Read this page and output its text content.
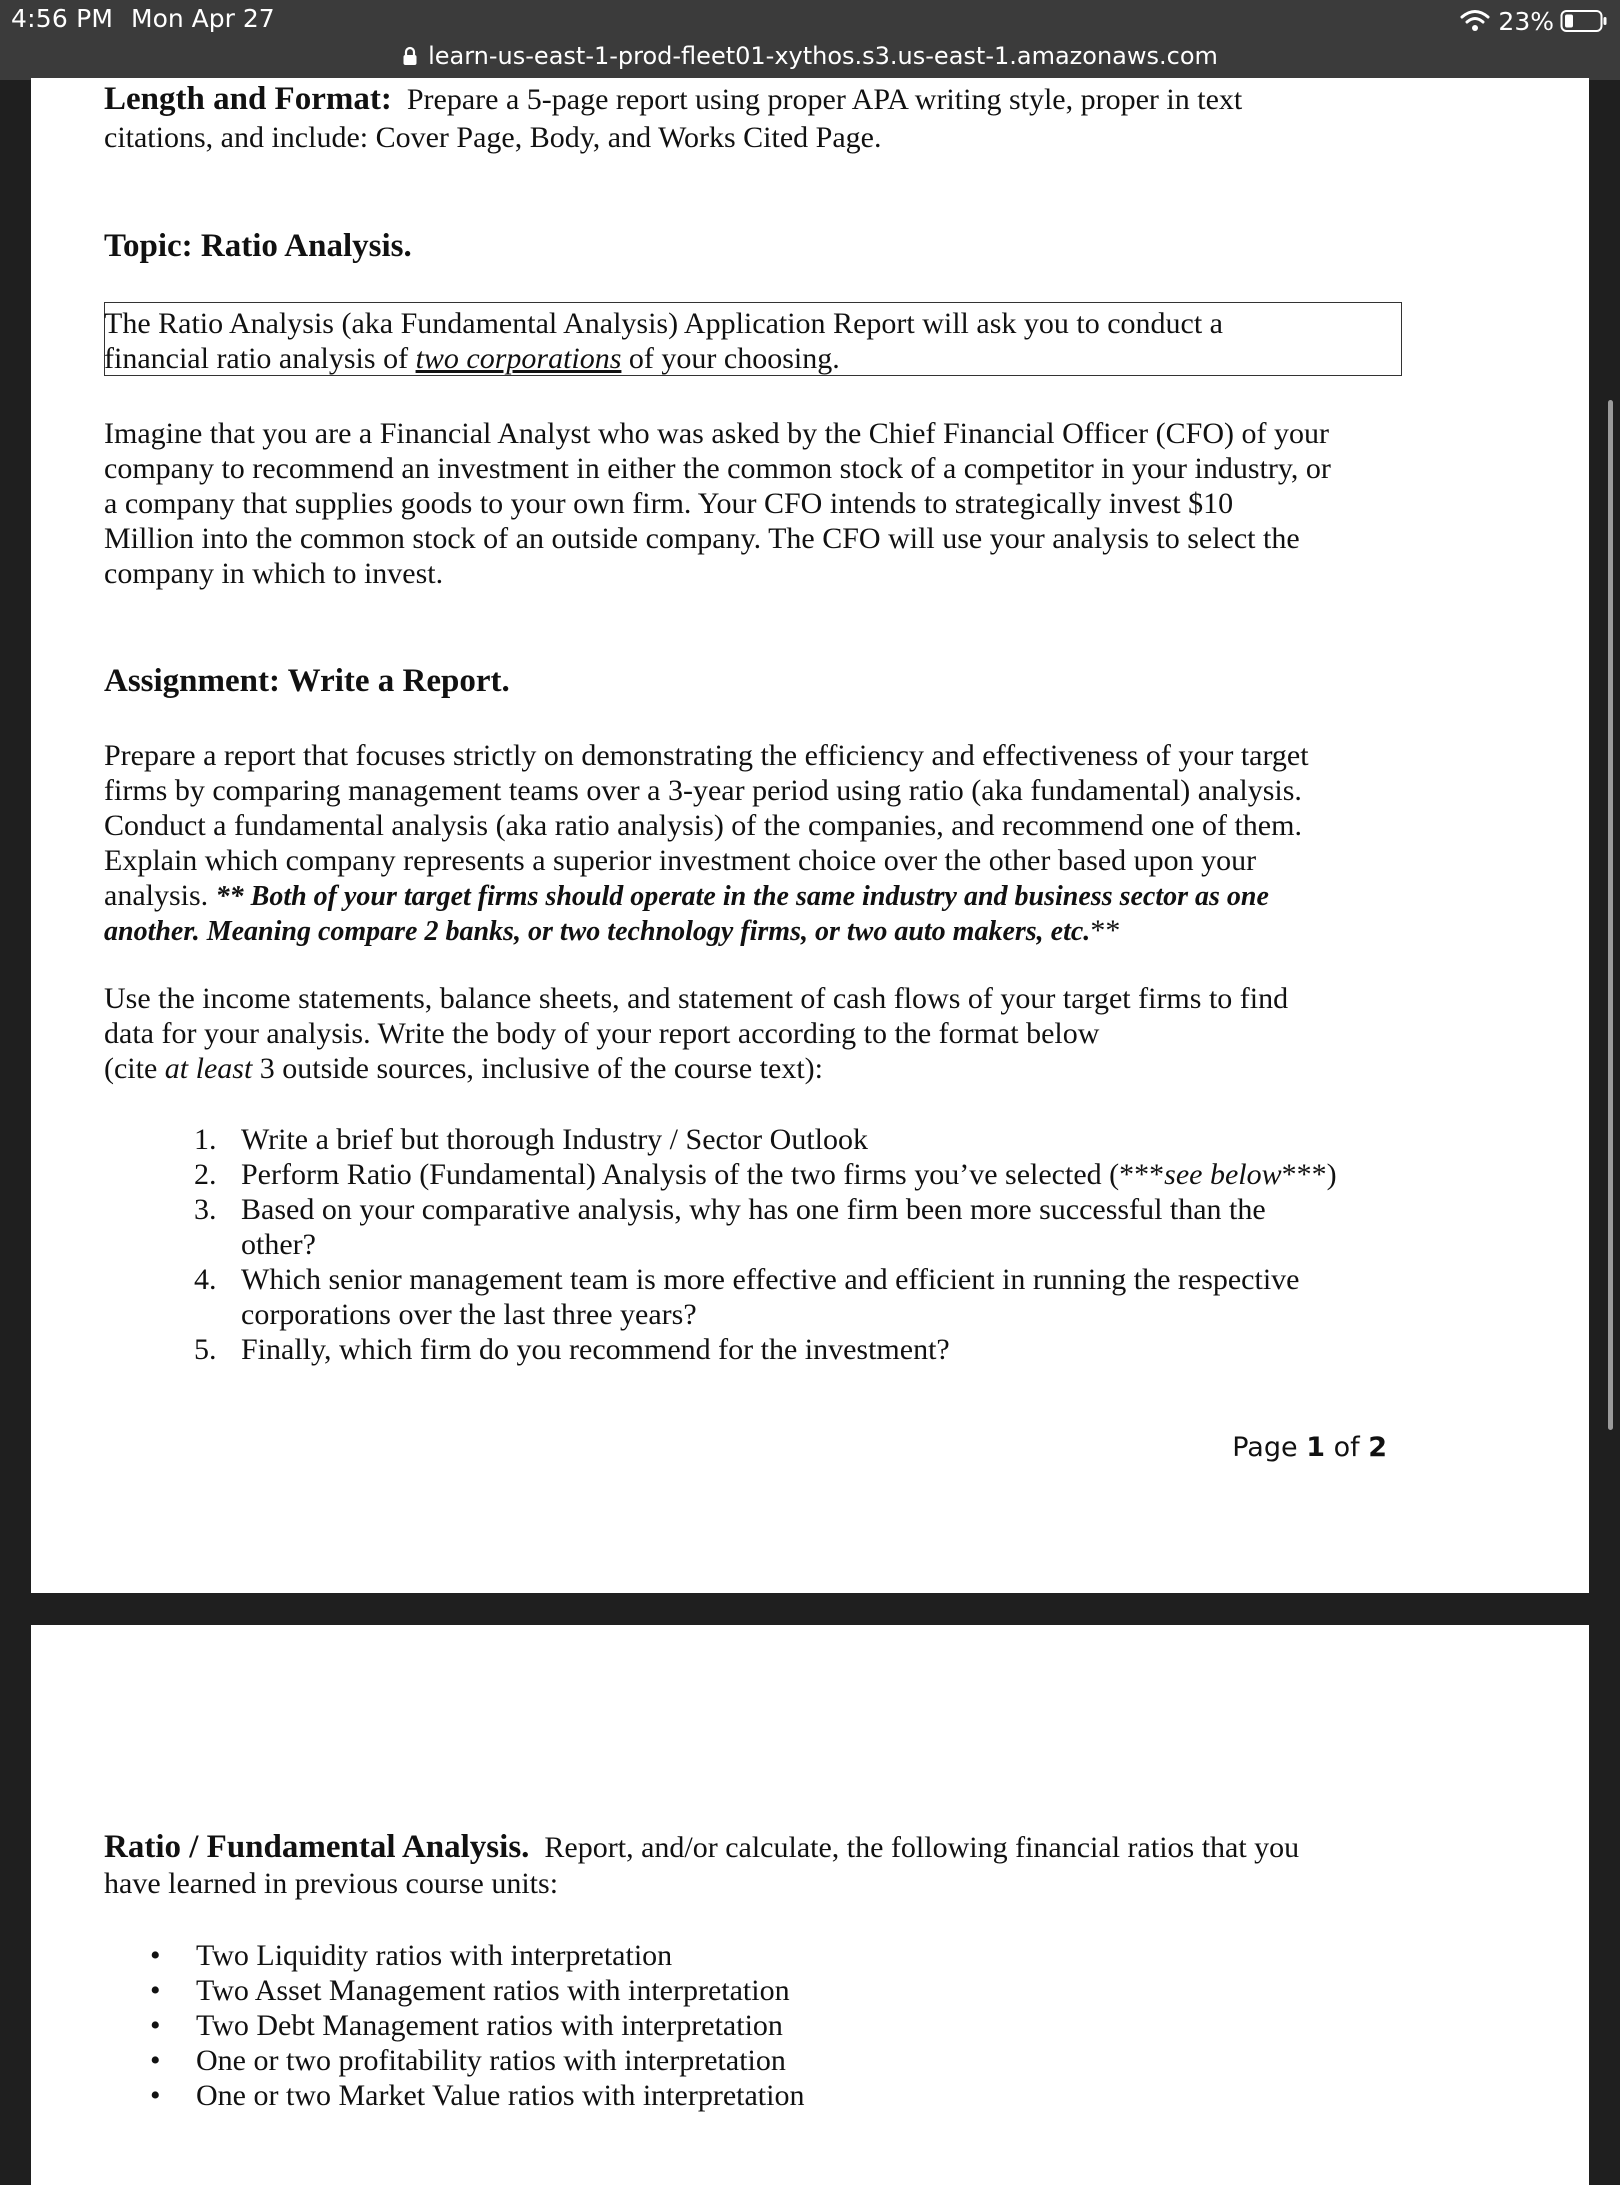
4:56 PM Mon Apr 27	23%
learn-us-east-1-prod-fleet01-xythos.s3.us-east-1.amazonaws.com
Length and Format: Prepare a 5-page report using proper APA writing style, proper in text
citations, and include: Cover Page, Body, and Works Cited Page.
Topic: Ratio Analysis.
The Ratio Analysis (aka Fundamental Analysis) Application Report will ask you to conduct a
financial ratio analysis of two corporations of your choosing.
Imagine that you are a Financial Analyst who was asked by the Chief Financial Officer (CFO) of your
company to recommend an investment in either the common stock of a competitor in your industry, or
a company that supplies goods to your own firm. Your CFO intends to strategically invest $10
Million into the common stock of an outside company. The CFO will use your analysis to select the
company in which to invest.
Assignment: Write a Report.
Prepare a report that focuses strictly on demonstrating the efficiency and effectiveness of your target
firms by comparing management teams over a 3-year period using ratio (aka fundamental) analysis.
Conduct a fundamental analysis (aka ratio analysis) of the companies, and recommend one of them.
Explain which company represents a superior investment choice over the other based upon your
analysis. ** Both of your target firms should operate in the same industry and business sector as one
another. Meaning compare 2 banks, or two technology firms, or two auto makers, etc.**
Use the income statements, balance sheets, and statement of cash flows of your target firms to find
data for your analysis. Write the body of your report according to the format below
(cite at least 3 outside sources, inclusive of the course text):
1. Write a brief but thorough Industry / Sector Outlook
2. Perform Ratio (Fundamental) Analysis of the two firms you’ve selected (***see below***)
3. Based on your comparative analysis, why has one firm been more successful than the
other?
4. Which senior management team is more effective and efficient in running the respective
corporations over the last three years?
5. Finally, which firm do you recommend for the investment?
Page 1 of 2
Ratio / Fundamental Analysis. Report, and/or calculate, the following financial ratios that you
have learned in previous course units:
• Two Liquidity ratios with interpretation
• Two Asset Management ratios with interpretation
• Two Debt Management ratios with interpretation
• One or two profitability ratios with interpretation
• One or two Market Value ratios with interpretation
